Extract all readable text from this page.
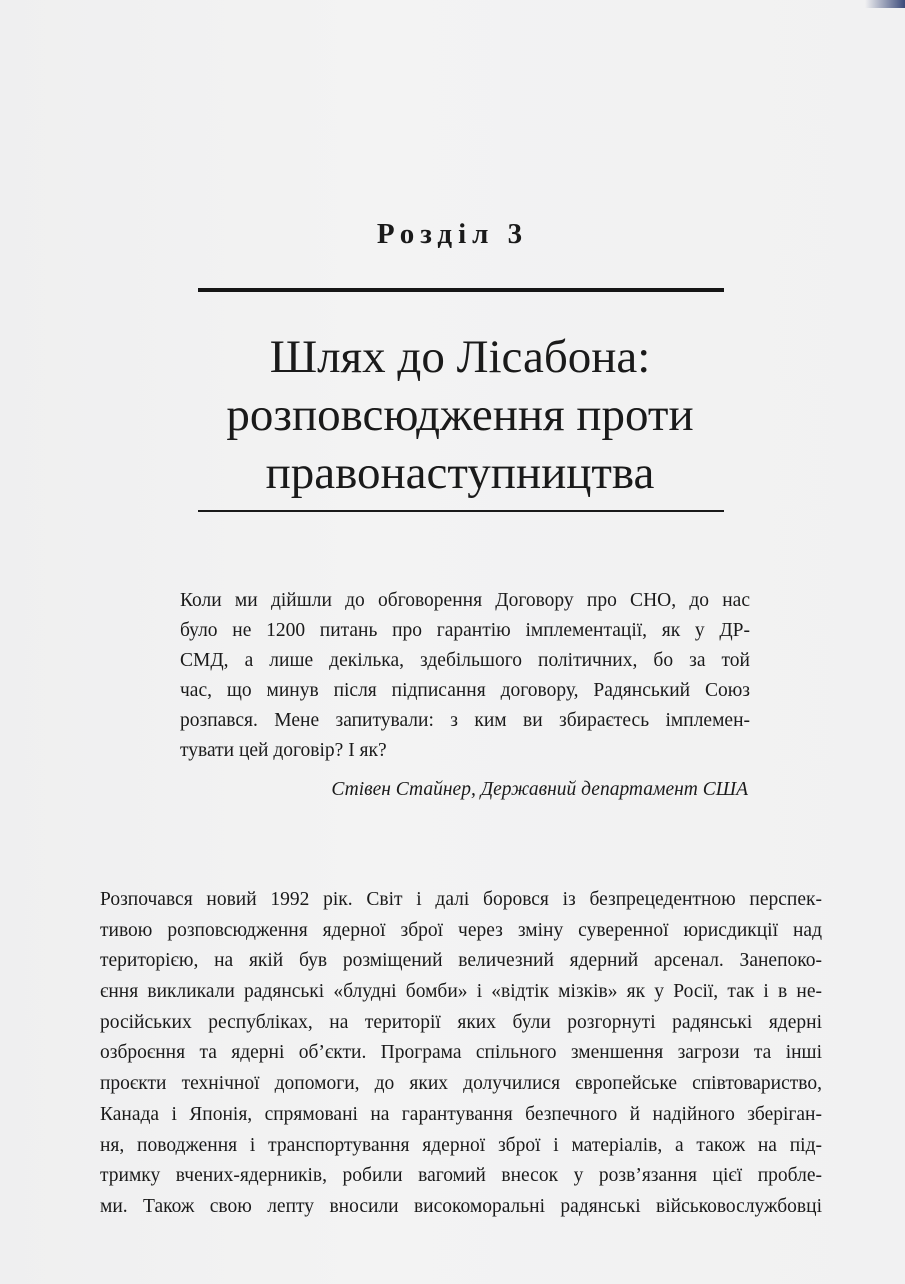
Розділ 3
Шлях до Лісабона:
розповсюдження проти
правонаступництва
Коли ми дійшли до обговорення Договору про СНО, до нас
було не 1200 питань про гарантію імплементації, як у ДР-
СМД, а лише декілька, здебільшого політичних, бо за той
час, що минув після підписання договору, Радянський Союз
розпався. Мене запитували: з ким ви збираєтесь імплемен-
тувати цей договір? І як?
Стівен Стайнер, Державний департамент США
Розпочався новий 1992 рік. Світ і далі боровся із безпрецедентною перспек-
тивою розповсюдження ядерної зброї через зміну суверенної юрисдикції над
територією, на якій був розміщений величезний ядерний арсенал. Занепоко-
єння викликали радянські «блудні бомби» і «відтік мізків» як у Росії, так і в не-
російських республіках, на території яких були розгорнуті радянські ядерні
озброєння та ядерні об’єкти. Програма спільного зменшення загрози та інші
проєкти технічної допомоги, до яких долучилися європейське співтовариство,
Канада і Японія, спрямовані на гарантування безпечного й надійного зберіган-
ня, поводження і транспортування ядерної зброї і матеріалів, а також на під-
тримку вчених-ядерників, робили вагомий внесок у розв’язання цієї пробле-
ми. Також свою лепту вносили високоморальні радянські військовослужбовці
